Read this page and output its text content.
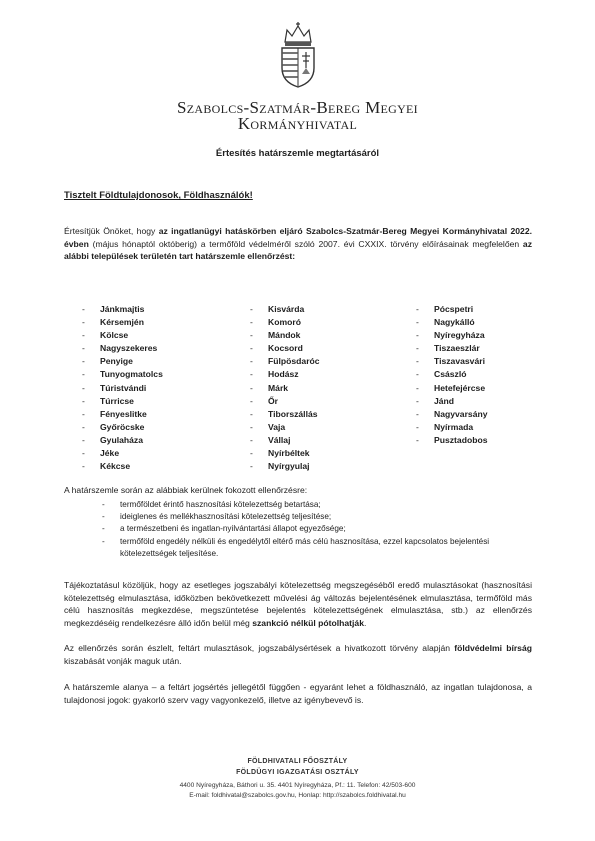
Szabolcs-Szatmár-Bereg Megyei
Kormányhivatal
Értesítés határszemle megtartásáról
Tisztelt Földtulajdonosok, Földhasználók!
Értesítjük Önöket, hogy az ingatlanügyi hatáskörben eljáró Szabolcs-Szatmár-Bereg Megyei Kormányhivatal 2022. évben (május hónaptól októberig) a termőföld védelméről szóló 2007. évi CXXIX. törvény előírásainak megfelelően az alábbi települések területén tart határszemle ellenőrzést:
- Jánkmajtis
- Kérsemjén
- Kölcse
- Nagyszekeres
- Penyige
- Tunyogmatolcs
- Túristvándi
- Túrricse
- Fényeslitke
- Győröcske
- Gyulaháza
- Jéke
- Kékcse
- Kisvárda
- Komoró
- Mándok
- Kocsord
- Fülpösdaróc
- Hodász
- Márk
- Őr
- Tiborszállás
- Vaja
- Vállaj
- Nyírbéltek
- Nyírgyulaj
- Pócspetri
- Nagykálló
- Nyíregyháza
- Tiszaeszlár
- Tiszavasvári
- Császló
- Hetefejércse
- Jánd
- Nagyvarsány
- Nyírmada
- Pusztadobos
A határszemle során az alábbiak kerülnek fokozott ellenőrzésre:
- termőföldet érintő hasznosítási kötelezettség betartása;
- ideiglenes és mellékhasznosítási kötelezettség teljesítése;
- a természetbeni és ingatlan-nyilvántartási állapot egyezősége;
- termőföld engedély nélküli és engedélytől eltérő más célú hasznosítása, ezzel kapcsolatos bejelentési kötelezettségek teljesítése.
Tájékoztatásul közöljük, hogy az esetleges jogszabályi kötelezettség megszegéséből eredő mulasztásokat (hasznosítási kötelezettség elmulasztása, időközben bekövetkezett művelési ág változás bejelentésének elmulasztása, termőföld más célú hasznosítás megkezdése, megszüntetése bejelentés kötelezettségének elmulasztása, stb.) az ellenőrzés megkezdéséig rendelkezésre álló időn belül még szankció nélkül pótolhatják.
Az ellenőrzés során észlelt, feltárt mulasztások, jogszabálysértések a hivatkozott törvény alapján földvédelmi bírság kiszabását vonják maguk után.
A határszemle alanya – a feltárt jogsértés jellegétől függően - egyaránt lehet a földhasználó, az ingatlan tulajdonosa, a tulajdonosi jogok: gyakorló szerv vagy vagyonkezelő, illetve az igénybevevő is.
FÖLDHIVATALI FŐOSZTÁLY
FÖLDÜGYI IGAZGATÁSI OSZTÁLY
4400 Nyíregyháza, Báthori u. 35. 4401 Nyíregyháza, Pf.: 11. Telefon: 42/503-600
E-mail: foldhivatal@szabolcs.gov.hu, Honlap: http://szabolcs.foldhivatal.hu
